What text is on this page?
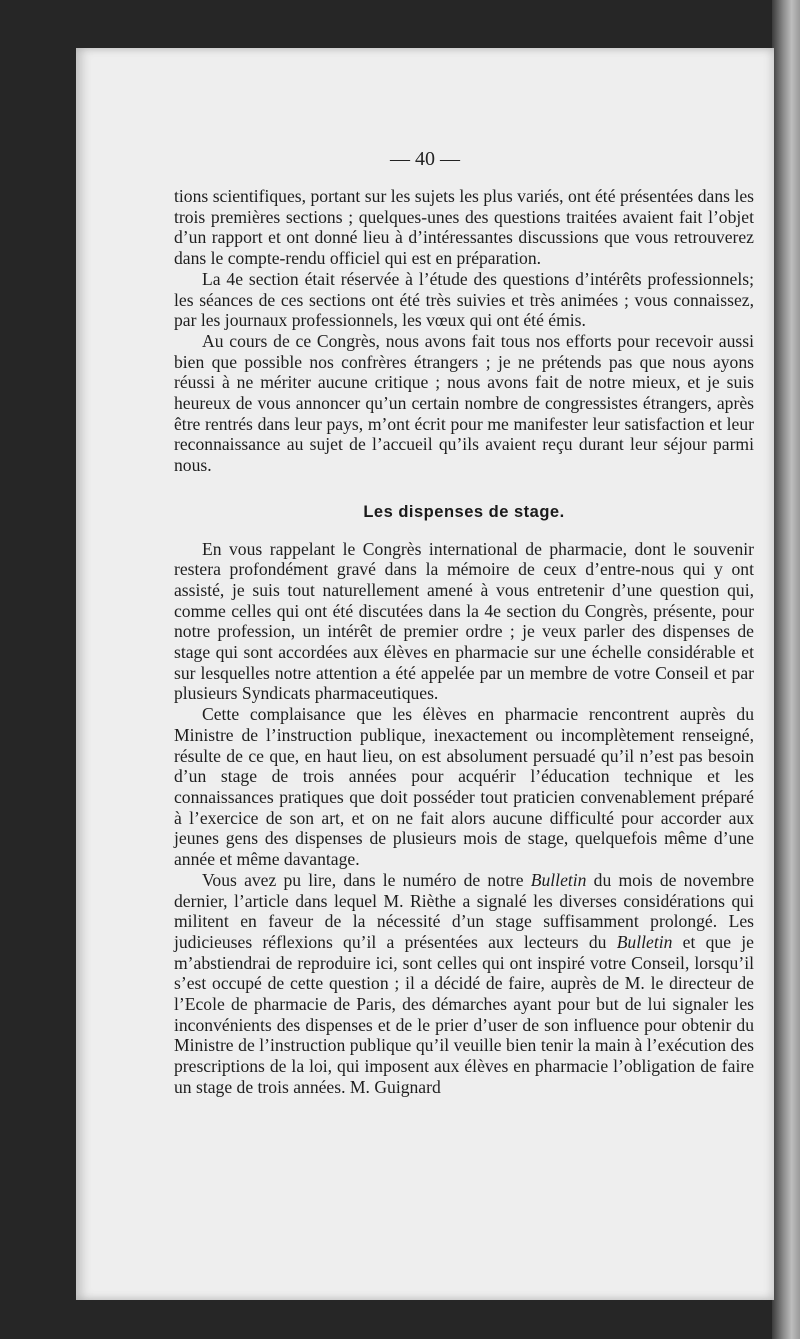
— 40 —

tions scientifiques, portant sur les sujets les plus variés, ont été présentées dans les trois premières sections ; quelques-unes des questions traitées avaient fait l’objet d’un rapport et ont donné lieu à d’intéressantes discussions que vous retrouverez dans le compte-rendu officiel qui est en préparation.

La 4e section était réservée à l’étude des questions d’intérêts professionnels; les séances de ces sections ont été très suivies et très animées ; vous connaissez, par les journaux professionnels, les vœux qui ont été émis.

Au cours de ce Congrès, nous avons fait tous nos efforts pour recevoir aussi bien que possible nos confrères étrangers ; je ne prétends pas que nous ayons réussi à ne mériter aucune critique ; nous avons fait de notre mieux, et je suis heureux de vous annoncer qu’un certain nombre de congressistes étrangers, après être rentrés dans leur pays, m’ont écrit pour me manifester leur satisfaction et leur reconnaissance au sujet de l’accueil qu’ils avaient reçu durant leur séjour parmi nous.

Les dispenses de stage.

En vous rappelant le Congrès international de pharmacie, dont le souvenir restera profondément gravé dans la mémoire de ceux d’entre-nous qui y ont assisté, je suis tout naturellement amené à vous entretenir d’une question qui, comme celles qui ont été discutées dans la 4e section du Congrès, présente, pour notre profession, un intérêt de premier ordre ; je veux parler des dispenses de stage qui sont accordées aux élèves en pharmacie sur une échelle considérable et sur lesquelles notre attention a été appelée par un membre de votre Conseil et par plusieurs Syndicats pharmaceutiques.

Cette complaisance que les élèves en pharmacie rencontrent auprès du Ministre de l’instruction publique, inexactement ou incomplètement renseigné, résulte de ce que, en haut lieu, on est absolument persuadé qu’il n’est pas besoin d’un stage de trois années pour acquérir l’éducation technique et les connaissances pratiques que doit posséder tout praticien convenablement préparé à l’exercice de son art, et on ne fait alors aucune difficulté pour accorder aux jeunes gens des dispenses de plusieurs mois de stage, quelquefois même d’une année et même davantage.

Vous avez pu lire, dans le numéro de notre Bulletin du mois de novembre dernier, l’article dans lequel M. Rièthe a signalé les diverses considérations qui militent en faveur de la nécessité d’un stage suffisamment prolongé. Les judicieuses réflexions qu’il a présentées aux lecteurs du Bulletin et que je m’abstiendrai de reproduire ici, sont celles qui ont inspiré votre Conseil, lorsqu’il s’est occupé de cette question ; il a décidé de faire, auprès de M. le directeur de l’Ecole de pharmacie de Paris, des démarches ayant pour but de lui signaler les inconvénients des dispenses et de le prier d’user de son influence pour obtenir du Ministre de l’instruction publique qu’il veuille bien tenir la main à l’exécution des prescriptions de la loi, qui imposent aux élèves en pharmacie l’obligation de faire un stage de trois années. M. Guignard
